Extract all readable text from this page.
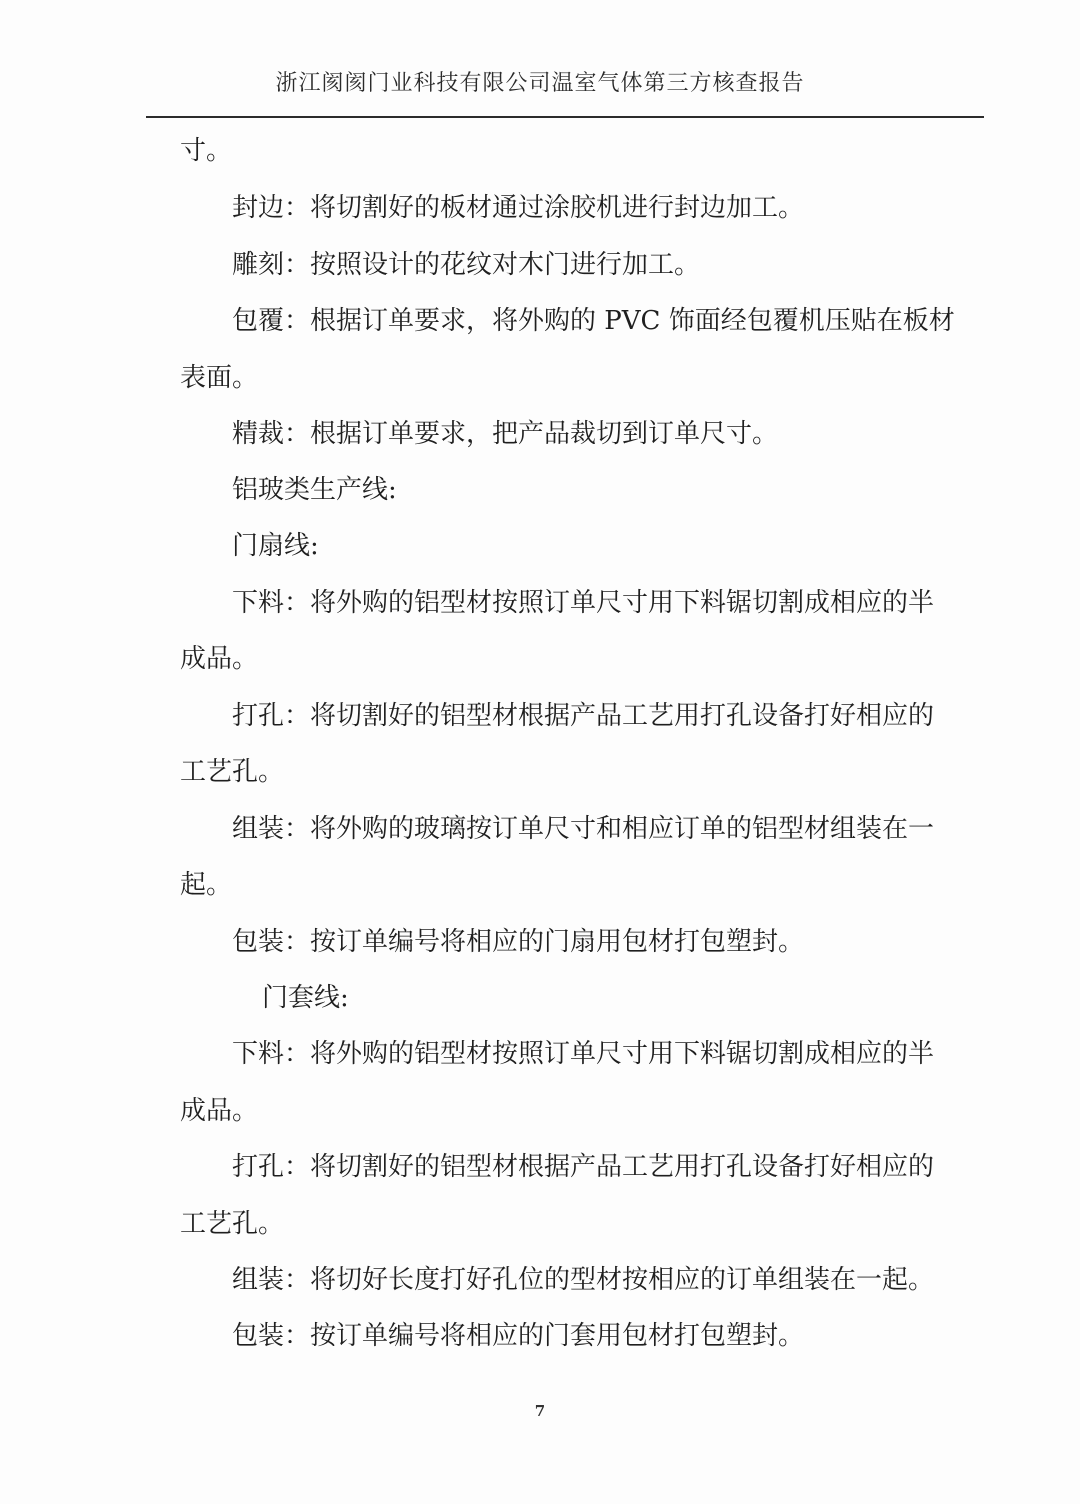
浙江阂阂门业科技有限公司温室气体第三方核查报告
寸。
封边：将切割好的板材通过涂胶机进行封边加工。
雕刻：按照设计的花纹对木门进行加工。
包覆：根据订单要求，将外购的 PVC 饰面经包覆机压贴在板材
表面。
精裁：根据订单要求，把产品裁切到订单尺寸。
铝玻类生产线:
门扇线:
下料：将外购的铝型材按照订单尺寸用下料锯切割成相应的半
成品。
打孔：将切割好的铝型材根据产品工艺用打孔设备打好相应的
工艺孔。
组装：将外购的玻璃按订单尺寸和相应订单的铝型材组装在一
起。
包装：按订单编号将相应的门扇用包材打包塑封。
门套线:
下料：将外购的铝型材按照订单尺寸用下料锯切割成相应的半
成品。
打孔：将切割好的铝型材根据产品工艺用打孔设备打好相应的
工艺孔。
组装：将切好长度打好孔位的型材按相应的订单组装在一起。
包装：按订单编号将相应的门套用包材打包塑封。
7
